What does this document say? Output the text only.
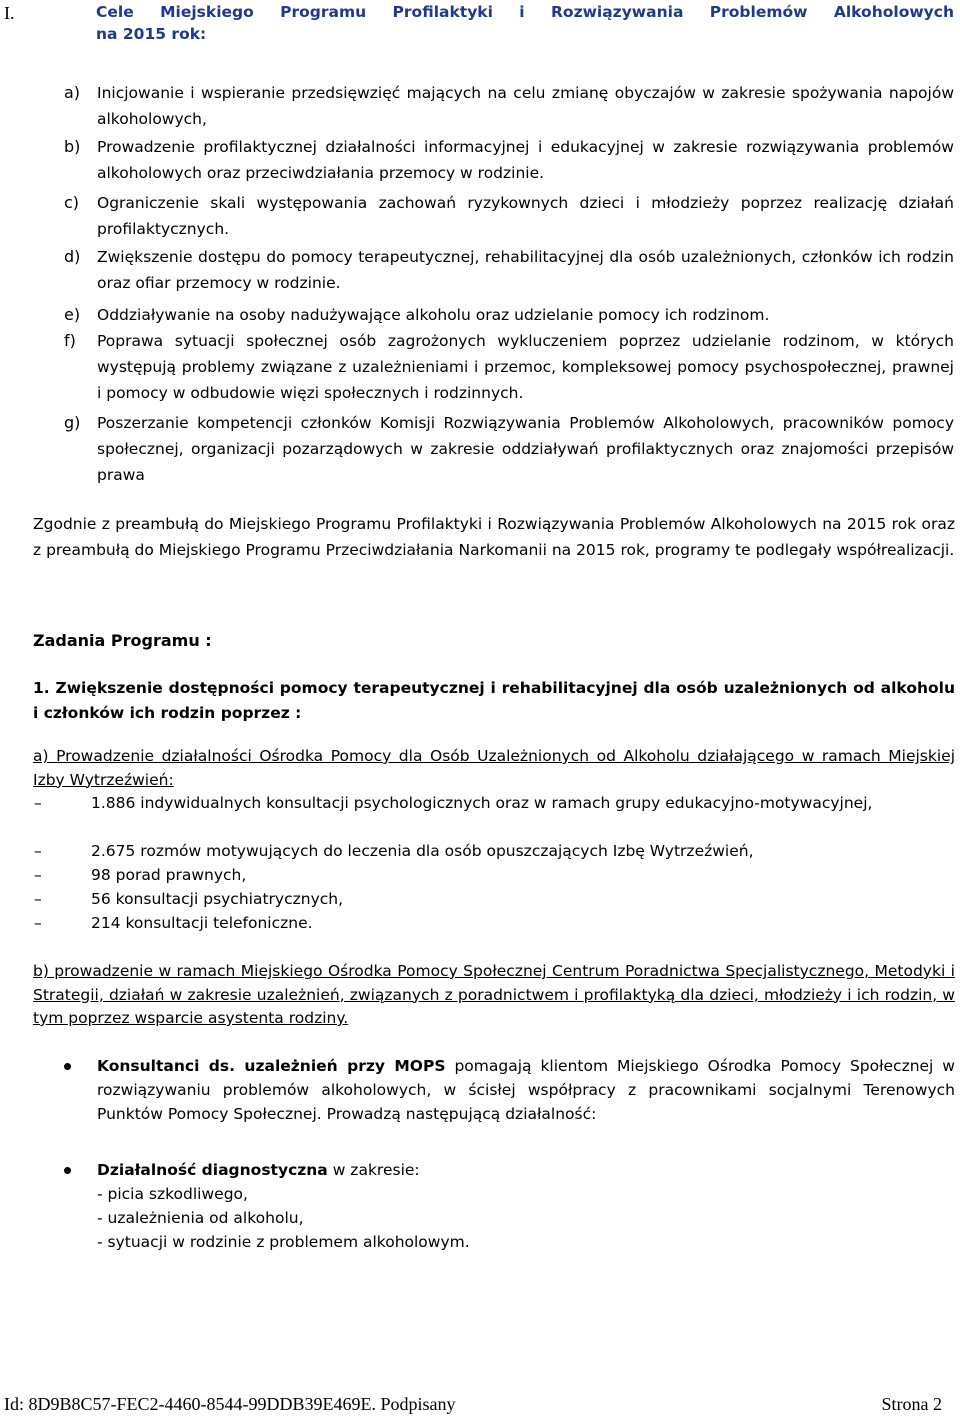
I.	Cele Miejskiego Programu Profilaktyki i Rozwiązywania Problemów Alkoholowych
na 2015 rok:
a) Inicjowanie i wspieranie przedsięwzięć mających na celu zmianę obyczajów w zakresie spożywania napojów alkoholowych,
b) Prowadzenie profilaktycznej działalności informacyjnej i edukacyjnej w zakresie rozwiązywania problemów alkoholowych oraz przeciwdziałania przemocy w rodzinie.
c) Ograniczenie skali występowania zachowań ryzykownych dzieci i młodzieży poprzez realizację działań profilaktycznych.
d) Zwiększenie dostępu do pomocy terapeutycznej, rehabilitacyjnej dla osób uzależnionych, członków ich rodzin oraz ofiar przemocy w rodzinie.
e) Oddziaływanie na osoby nadużywające alkoholu oraz udzielanie pomocy ich rodzinom.
f) Poprawa sytuacji społecznej osób zagrożonych wykluczeniem poprzez udzielanie rodzinom, w których występują problemy związane z uzależnieniami i przemoc, kompleksowej pomocy psychospołecznej, prawnej i pomocy w odbudowie więzi społecznych i rodzinnych.
g) Poszerzanie kompetencji członków Komisji Rozwiązywania Problemów Alkoholowych, pracowników pomocy społecznej, organizacji pozarządowych w zakresie oddziaływań profilaktycznych oraz znajomości przepisów prawa
Zgodnie z preambułą do Miejskiego Programu Profilaktyki i Rozwiązywania Problemów Alkoholowych na 2015 rok oraz z preambułą do Miejskiego Programu Przeciwdziałania Narkomanii na 2015 rok, programy te podlegały współrealizacji.
Zadania Programu :
1. Zwiększenie dostępności pomocy terapeutycznej i rehabilitacyjnej dla osób uzależnionych od alkoholu i członków ich rodzin poprzez :
a) Prowadzenie działalności Ośrodka Pomocy dla Osób Uzależnionych od Alkoholu działającego w ramach Miejskiej Izby Wytrzeźwień:
–	1.886 indywidualnych konsultacji psychologicznych oraz w ramach grupy edukacyjno-motywacyjnej,
–	2.675 rozmów motywujących do leczenia dla osób opuszczających Izbę Wytrzeźwień,
–	98 porad prawnych,
–	56 konsultacji psychiatrycznych,
–	214 konsultacji telefoniczne.
b) prowadzenie w ramach Miejskiego Ośrodka Pomocy Społecznej Centrum Poradnictwa Specjalistycznego, Metodyki i Strategii, działań w zakresie uzależnień, związanych z poradnictwem i profilaktyką dla dzieci, młodzieży i ich rodzin, w tym poprzez wsparcie asystenta rodziny.
Konsultanci ds. uzależnień przy MOPS pomagają klientom Miejskiego Ośrodka Pomocy Społecznej w rozwiązywaniu problemów alkoholowych, w ścisłej współpracy z pracownikami socjalnymi Terenowych Punktów Pomocy Społecznej. Prowadzą następującą działalność:
Działalność diagnostyczna w zakresie:
- picia szkodliwego,
- uzależnienia od alkoholu,
- sytuacji w rodzinie z problemem alkoholowym.
Id: 8D9B8C57-FEC2-4460-8544-99DDB39E469E. Podpisany	Strona 2
